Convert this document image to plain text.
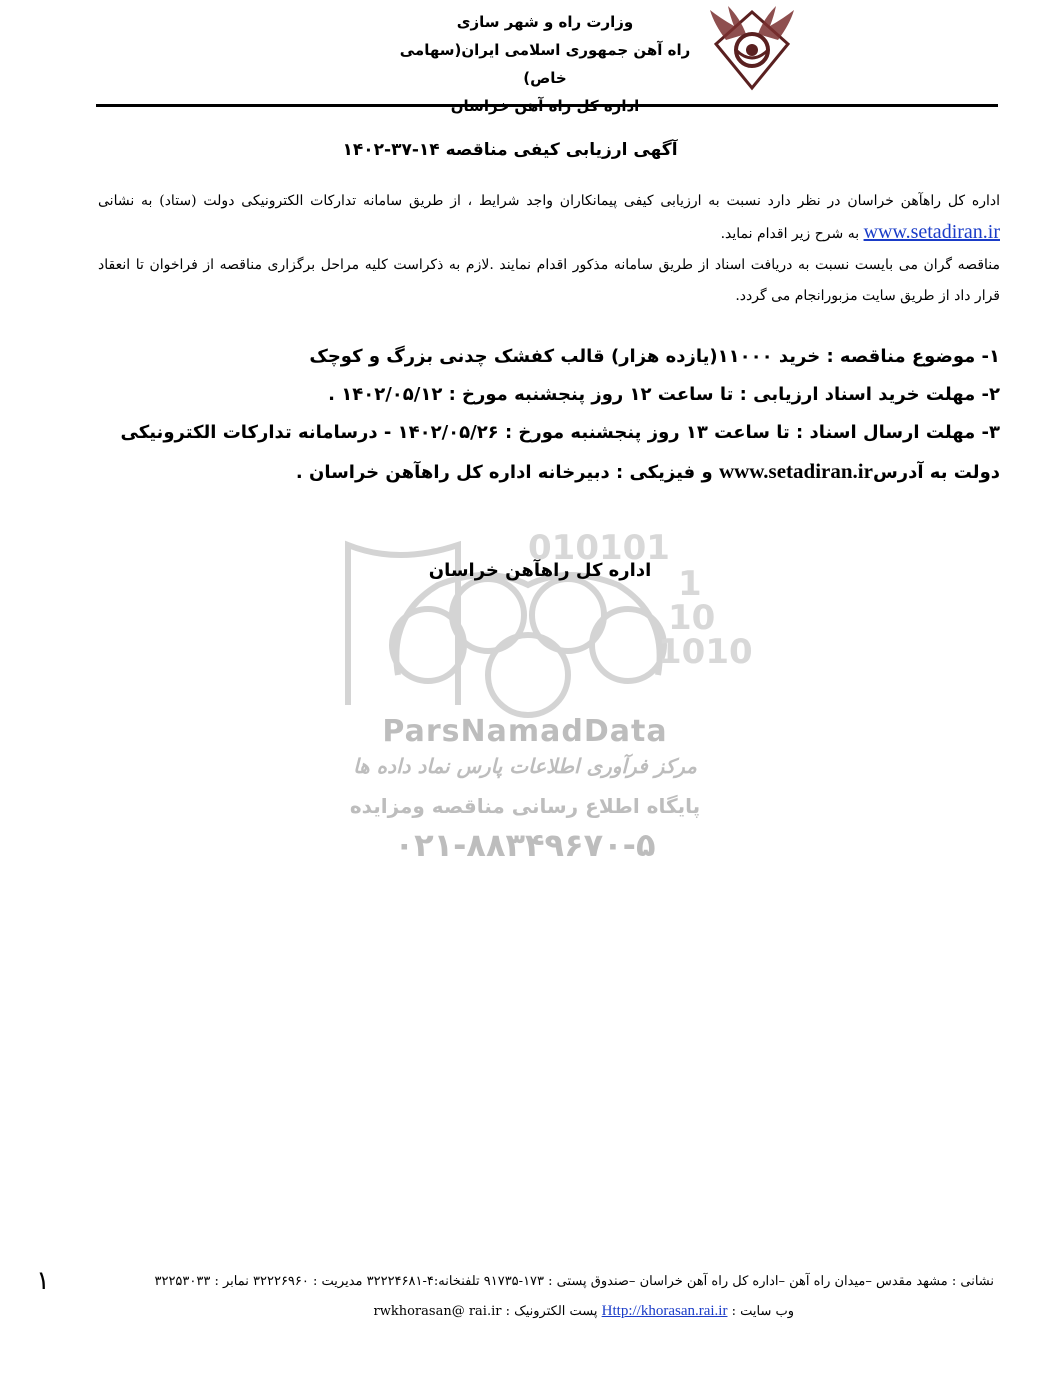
وزارت راه و شهر سازی
راه آهن جمهوری اسلامی ایران(سهامی خاص)
آگهی ارزیابی کیفی مناقصه ۱۴-۳۷-۱۴۰۲
اداره کل راهآهن خراسان در نظر دارد نسبت به ارزیابی کیفی پیمانکاران واجد شرایط ، از طریق سامانه تدارکات الکترونیکی دولت (ستاد) به نشانی www.setadiran.ir به شرح زیر اقدام نماید.
مناقصه گران می بایست نسبت به دریافت اسناد از طریق سامانه مذکور اقدام نمایند .لازم به ذکراست کلیه مراحل برگزاری مناقصه از فراخوان تا انعقاد قرار داد از طریق سایت مزبورانجام می گردد.
۱- موضوع مناقصه : خرید ۱۱۰۰۰(یازده هزار) قالب کفشک چدنی بزرگ و کوچک
۲- مهلت خرید اسناد ارزیابی : تا ساعت ۱۲ روز پنجشنبه مورخ : ۱۴۰۲/۰۵/۱۲ .
۳- مهلت ارسال اسناد : تا ساعت ۱۳ روز پنجشنبه مورخ : ۱۴۰۲/۰۵/۲۶ - درسامانه تدارکات الکترونیکی دولت به آدرسwww.setadiran.ir و فیزیکی : دبیرخانه اداره کل راهآهن خراسان .
010101
1
10
1010
اداره کل راهآهن خراسان
ParsNamadData
مرکز فرآوری اطلاعات پارس نماد داده ها
پایگاه اطلاع رسانی مناقصه ومزایده
۰۲۱-۸۸۳۴۹۶۷۰-۵
نشانی : مشهد مقدس –میدان راه آهن –اداره کل راه آهن خراسان –صندوق پستی : ۱۷۳-۹۱۷۳۵ تلفنخانه:۴-۳۲۲۲۴۶۸۱ مدیریت : ۳۲۲۲۶۹۶۰ نمابر : ۳۲۲۵۳۰۳۳
وب سایت : Http://khorasan.rai.ir پست الکترونیک : rwkhorasan@ rai.ir
۱
